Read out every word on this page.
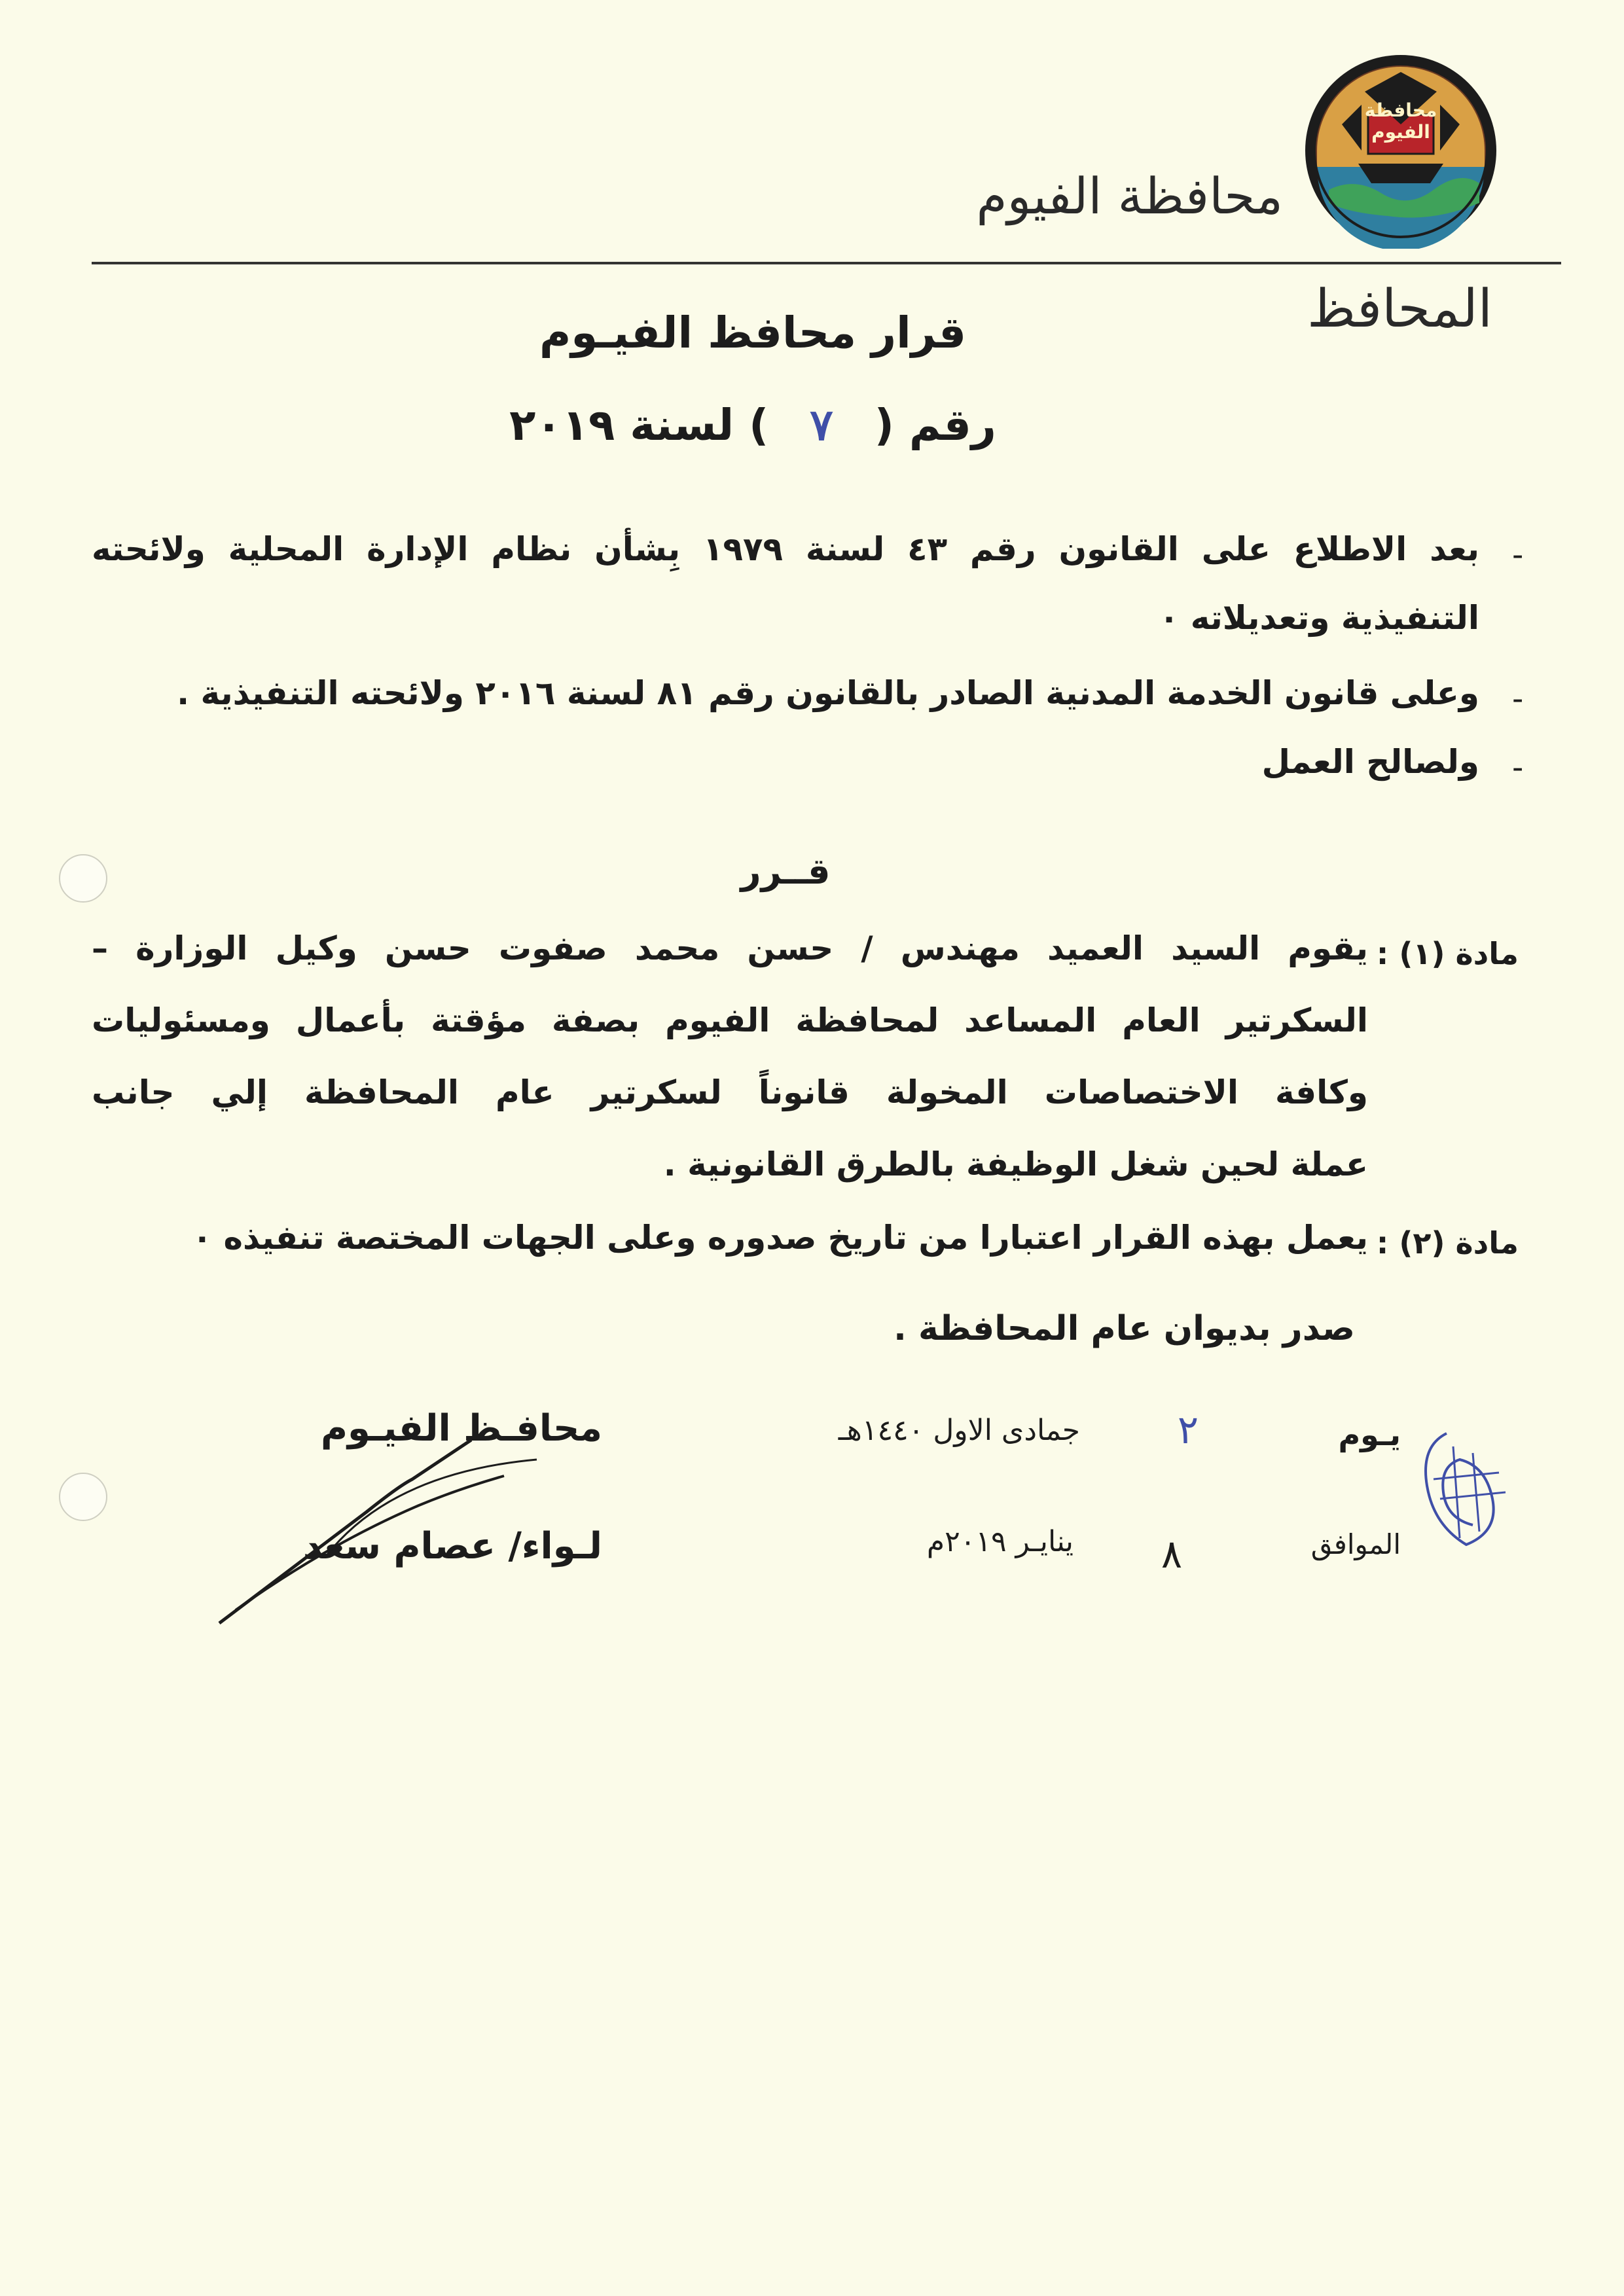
محافظة الفيوم
محافظة الفيوم
المحافظ
قرار محافظ الفيـوم
رقم ( ٧ ) لسنة ٢٠١٩
-
بعد الاطلاع على القانون رقم ٤٣ لسنة ١٩٧٩ بِشأن نظام الإدارة المحلية ولائحته
التنفيذية وتعديلاته ٠
-
وعلى قانون الخدمة المدنية الصادر بالقانون رقم ٨١ لسنة ٢٠١٦ ولائحته التنفيذية .
-
ولصالح العمل
قــرر
مادة (١) :
يقوم السيد العميد مهندس / حسن محمد صفوت حسن وكيل الوزارة –
السكرتير العام المساعد لمحافظة الفيوم بصفة مؤقتة بأعمال ومسئوليات
وكافة الاختصاصات المخولة قانوناً لسكرتير عام المحافظة إلي جانب
عملة لحين شغل الوظيفة بالطرق القانونية .
مادة (٢) :
يعمل بهذه القرار اعتبارا من تاريخ صدوره وعلى الجهات المختصة تنفيذه ٠
صدر بديوان عام المحافظة .
يـوم
٢
جمادى الاول ١٤٤٠هـ
الموافق
٨
ينايـر ٢٠١٩م
محافـظ الفيـوم
لـواء/ عصام سعد
